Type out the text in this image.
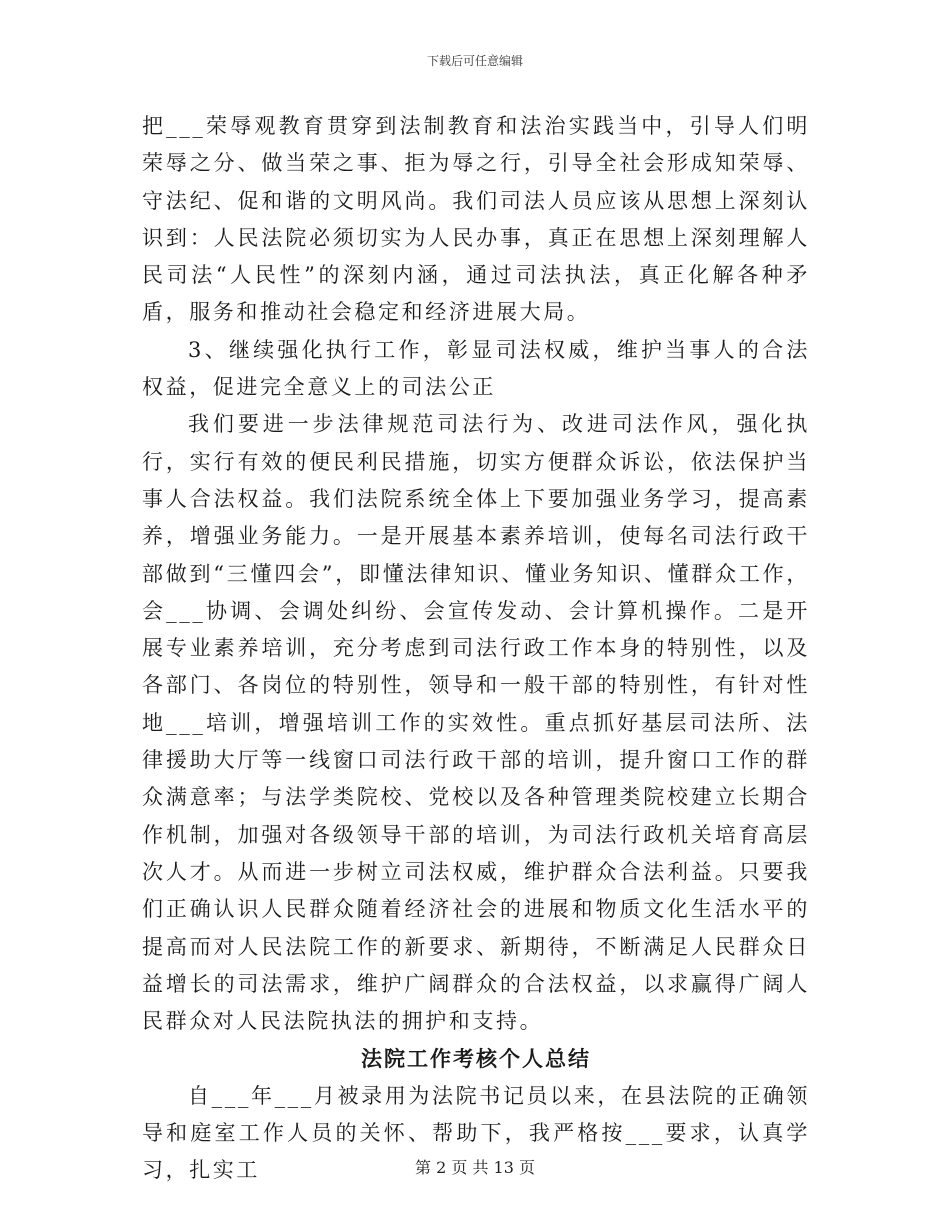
下载后可任意编辑

把___荣辱观教育贯穿到法制教育和法治实践当中，引导人们明荣辱之分、做当荣之事、拒为辱之行，引导全社会形成知荣辱、守法纪、促和谐的文明风尚。我们司法人员应该从思想上深刻认识到：人民法院必须切实为人民办事，真正在思想上深刻理解人民司法“人民性”的深刻内涵，通过司法执法，真正化解各种矛盾，服务和推动社会稳定和经济进展大局。

3、继续强化执行工作，彰显司法权威，维护当事人的合法权益，促进完全意义上的司法公正

我们要进一步法律规范司法行为、改进司法作风，强化执行，实行有效的便民利民措施，切实方便群众诉讼，依法保护当事人合法权益。我们法院系统全体上下要加强业务学习，提高素养，增强业务能力。一是开展基本素养培训，使每名司法行政干部做到“三懂四会”，即懂法律知识、懂业务知识、懂群众工作，会___协调、会调处纠纷、会宣传发动、会计算机操作。二是开展专业素养培训，充分考虑到司法行政工作本身的特别性，以及各部门、各岗位的特别性，领导和一般干部的特别性，有针对性地___培训，增强培训工作的实效性。重点抓好基层司法所、法律援助大厅等一线窗口司法行政干部的培训，提升窗口工作的群众满意率；与法学类院校、党校以及各种管理类院校建立长期合作机制，加强对各级领导干部的培训，为司法行政机关培育高层次人才。从而进一步树立司法权威，维护群众合法利益。只要我们正确认识人民群众随着经济社会的进展和物质文化生活水平的提高而对人民法院工作的新要求、新期待，不断满足人民群众日益增长的司法需求，维护广阔群众的合法权益，以求赢得广阔人民群众对人民法院执法的拥护和支持。

法院工作考核个人总结

自___年___月被录用为法院书记员以来，在县法院的正确领导和庭室工作人员的关怀、帮助下，我严格按___要求，认真学习，扎实工	第 2 页 共 13 页
